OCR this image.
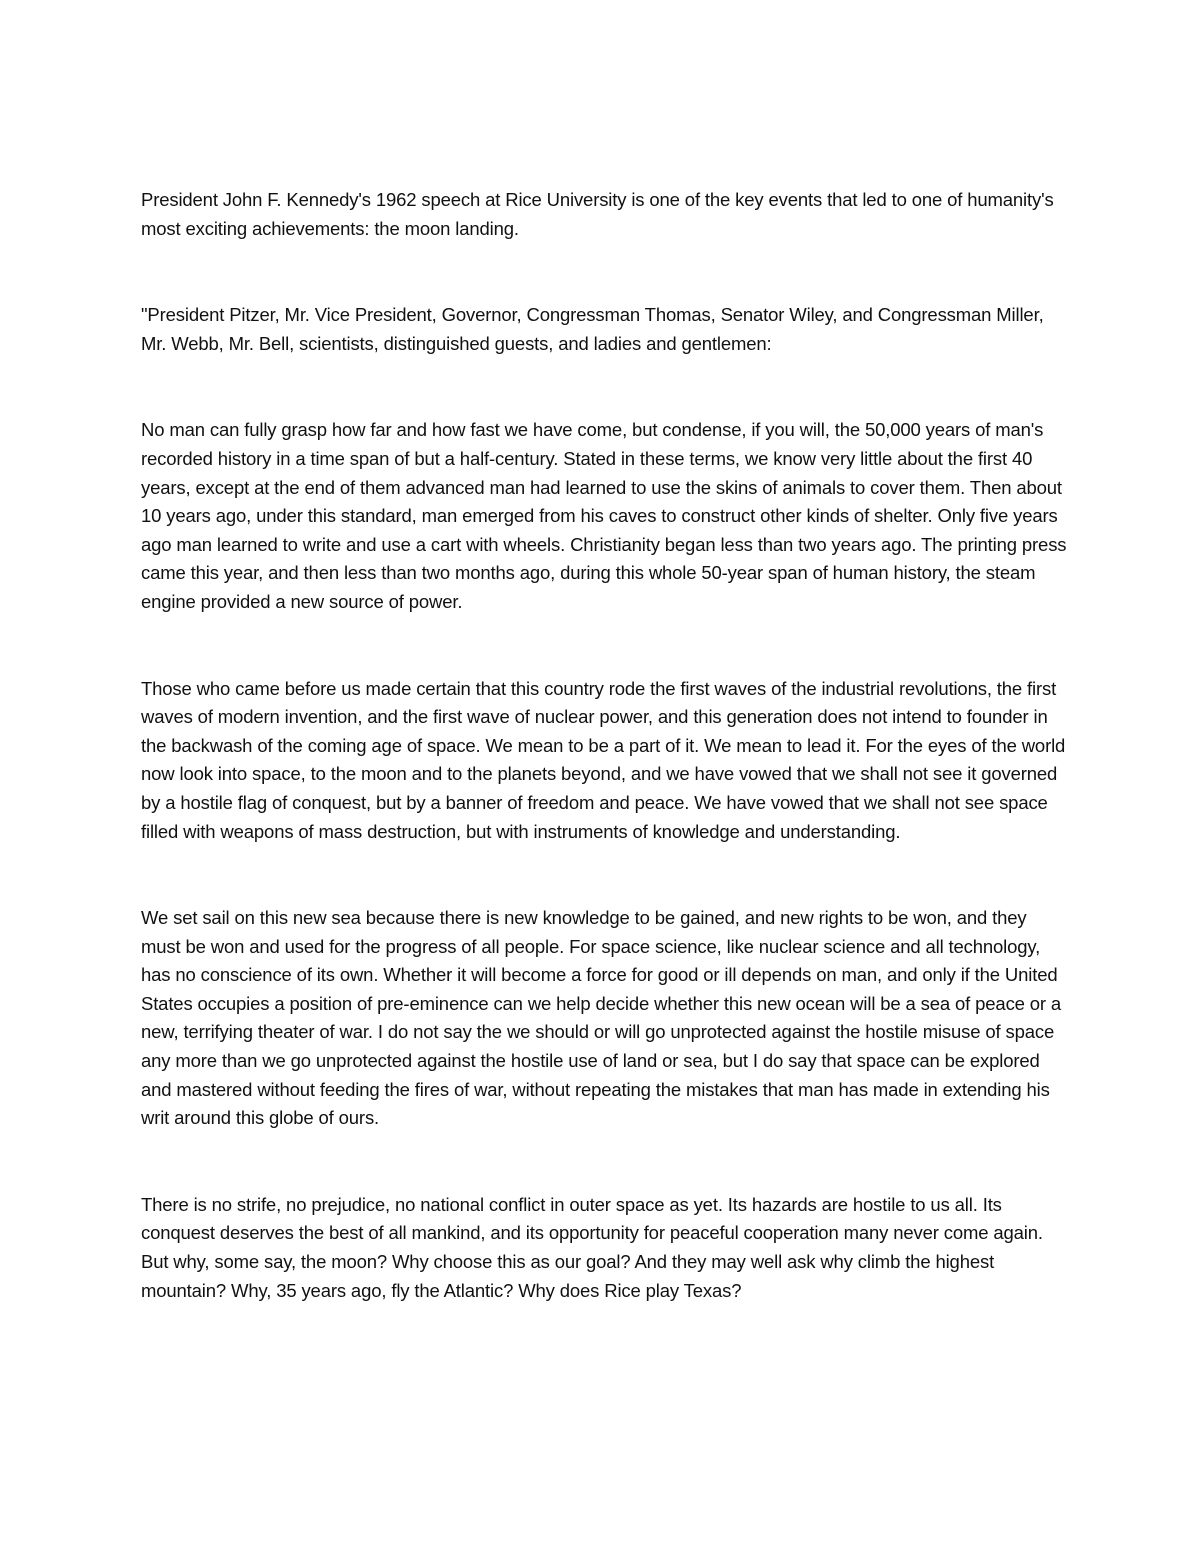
President John F. Kennedy's 1962 speech at Rice University is one of the key events that led to one of humanity's most exciting achievements: the moon landing.

"President Pitzer, Mr. Vice President, Governor, Congressman Thomas, Senator Wiley, and Congressman Miller, Mr. Webb, Mr. Bell, scientists, distinguished guests, and ladies and gentlemen:

No man can fully grasp how far and how fast we have come, but condense, if you will, the 50,000 years of man's recorded history in a time span of but a half-century. Stated in these terms, we know very little about the first 40 years, except at the end of them advanced man had learned to use the skins of animals to cover them. Then about 10 years ago, under this standard, man emerged from his caves to construct other kinds of shelter. Only five years ago man learned to write and use a cart with wheels. Christianity began less than two years ago. The printing press came this year, and then less than two months ago, during this whole 50-year span of human history, the steam engine provided a new source of power.

Those who came before us made certain that this country rode the first waves of the industrial revolutions, the first waves of modern invention, and the first wave of nuclear power, and this generation does not intend to founder in the backwash of the coming age of space. We mean to be a part of it. We mean to lead it. For the eyes of the world now look into space, to the moon and to the planets beyond, and we have vowed that we shall not see it governed by a hostile flag of conquest, but by a banner of freedom and peace. We have vowed that we shall not see space filled with weapons of mass destruction, but with instruments of knowledge and understanding.

We set sail on this new sea because there is new knowledge to be gained, and new rights to be won, and they must be won and used for the progress of all people. For space science, like nuclear science and all technology, has no conscience of its own. Whether it will become a force for good or ill depends on man, and only if the United States occupies a position of pre-eminence can we help decide whether this new ocean will be a sea of peace or a new, terrifying theater of war. I do not say the we should or will go unprotected against the hostile misuse of space any more than we go unprotected against the hostile use of land or sea, but I do say that space can be explored and mastered without feeding the fires of war, without repeating the mistakes that man has made in extending his writ around this globe of ours.

There is no strife, no prejudice, no national conflict in outer space as yet. Its hazards are hostile to us all. Its conquest deserves the best of all mankind, and its opportunity for peaceful cooperation many never come again. But why, some say, the moon? Why choose this as our goal? And they may well ask why climb the highest mountain? Why, 35 years ago, fly the Atlantic? Why does Rice play Texas?
